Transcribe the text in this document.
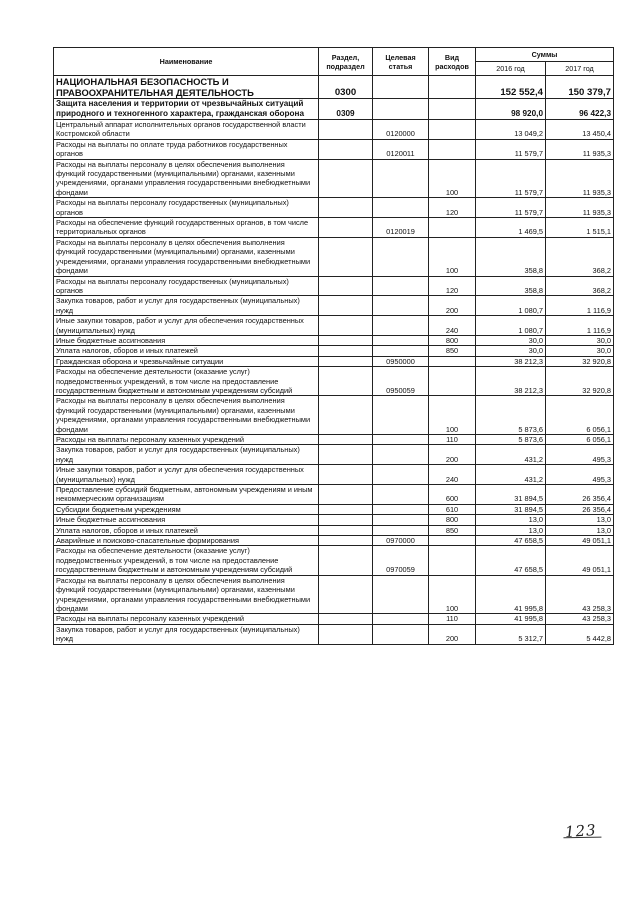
Наименование	Раздел, подраздел	Целевая статья	Вид расходов	Суммы	
				2016 год	2017 год
НАЦИОНАЛЬНАЯ БЕЗОПАСНОСТЬ И ПРАВООХРАНИТЕЛЬНАЯ ДЕЯТЕЛЬНОСТЬ	0300			152 552,4	150 379,7
Защита населения и территории от чрезвычайных ситуаций природного и техногенного характера, гражданская оборона	0309			98 920,0	96 422,3
Центральный аппарат исполнительных органов государственной власти Костромской области		0120000		13 049,2	13 450,4
Расходы на выплаты по оплате труда работников государственных органов		0120011		11 579,7	11 935,3
Расходы на выплаты персоналу в целях обеспечения выполнения функций государственными (муниципальными) органами, казенными учреждениями, органами управления государственными внебюджетными фондами			100	11 579,7	11 935,3
Расходы на выплаты персоналу государственных (муниципальных) органов			120	11 579,7	11 935,3
Расходы на обеспечение функций государственных органов, в том числе территориальных органов		0120019		1 469,5	1 515,1
Расходы на выплаты персоналу в целях обеспечения выполнения функций государственными (муниципальными) органами, казенными учреждениями, органами управления государственными внебюджетными фондами			100	358,8	368,2
Расходы на выплаты персоналу государственных (муниципальных) органов			120	358,8	368,2
Закупка товаров, работ и услуг для государственных (муниципальных) нужд			200	1 080,7	1 116,9
Иные закупки товаров, работ и услуг для обеспечения государственных (муниципальных) нужд			240	1 080,7	1 116,9
Иные бюджетные ассигнования			800	30,0	30,0
Уплата налогов, сборов и иных платежей			850	30,0	30,0
Гражданская оборона и чрезвычайные ситуации		0950000		38 212,3	32 920,8
Расходы на обеспечение деятельности (оказание услуг) подведомственных учреждений, в том числе на предоставление государственным бюджетным и автономным учреждениям субсидий		0950059		38 212,3	32 920,8
Расходы на выплаты персоналу в целях обеспечения выполнения функций государственными (муниципальными) органами, казенными учреждениями, органами управления государственными внебюджетными фондами			100	5 873,6	6 056,1
Расходы на выплаты персоналу казенных учреждений			110	5 873,6	6 056,1
Закупка товаров, работ и услуг для государственных (муниципальных) нужд			200	431,2	495,3
Иные закупки товаров, работ и услуг для обеспечения государственных (муниципальных) нужд			240	431,2	495,3
Предоставление субсидий бюджетным, автономным учреждениям и иным некоммерческим организациям			600	31 894,5	26 356,4
Субсидии бюджетным учреждениям			610	31 894,5	26 356,4
Иные бюджетные ассигнования			800	13,0	13,0
Уплата налогов, сборов и иных платежей			850	13,0	13,0
Аварийные и поисково-спасательные формирования		0970000		47 658,5	49 051,1
Расходы на обеспечение деятельности (оказание услуг) подведомственных учреждений, в том числе на предоставление государственным бюджетным и автономным учреждениям субсидий		0970059		47 658,5	49 051,1
Расходы на выплаты персоналу в целях обеспечения выполнения функций государственными (муниципальными) органами, казенными учреждениями, органами управления государственными внебюджетными фондами			100	41 995,8	43 258,3
Расходы на выплаты персоналу казенных учреждений			110	41 995,8	43 258,3
Закупка товаров, работ и услуг для государственных (муниципальных) нужд			200	5 312,7	5 442,8
123
